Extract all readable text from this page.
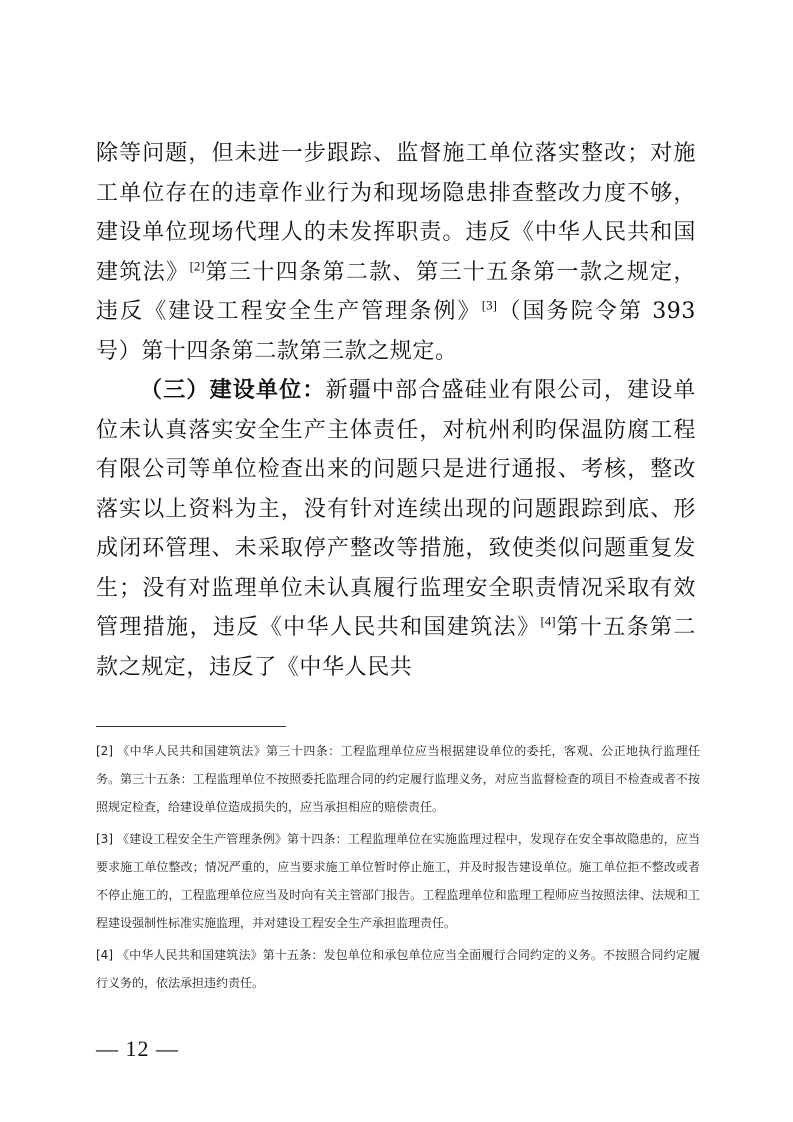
除等问题，但未进一步跟踪、监督施工单位落实整改；对施工单位存在的违章作业行为和现场隐患排查整改力度不够，建设单位现场代理人的未发挥职责。违反《中华人民共和国建筑法》[2]第三十四条第二款、第三十五条第一款之规定，违反《建设工程安全生产管理条例》[3]（国务院令第 393 号）第十四条第二款第三款之规定。

（三）建设单位：新疆中部合盛硅业有限公司，建设单位未认真落实安全生产主体责任，对杭州利昀保温防腐工程有限公司等单位检查出来的问题只是进行通报、考核，整改落实以上资料为主，没有针对连续出现的问题跟踪到底、形成闭环管理、未采取停产整改等措施，致使类似问题重复发生；没有对监理单位未认真履行监理安全职责情况采取有效管理措施，违反《中华人民共和国建筑法》[4]第十五条第二款之规定，违反了《中华人民共

[2] 《中华人民共和国建筑法》第三十四条：工程监理单位应当根据建设单位的委托，客观、公正地执行监理任务。第三十五条：工程监理单位不按照委托监理合同的约定履行监理义务，对应当监督检查的项目不检查或者不按照规定检查，给建设单位造成损失的，应当承担相应的赔偿责任。

[3] 《建设工程安全生产管理条例》第十四条：工程监理单位在实施监理过程中，发现存在安全事故隐患的，应当要求施工单位整改；情况严重的，应当要求施工单位暂时停止施工，并及时报告建设单位。施工单位拒不整改或者不停止施工的，工程监理单位应当及时向有关主管部门报告。工程监理单位和监理工程师应当按照法律、法规和工程建设强制性标准实施监理，并对建设工程安全生产承担监理责任。

[4] 《中华人民共和国建筑法》第十五条：发包单位和承包单位应当全面履行合同约定的义务。不按照合同约定履行义务的，依法承担违约责任。

— 12 —
